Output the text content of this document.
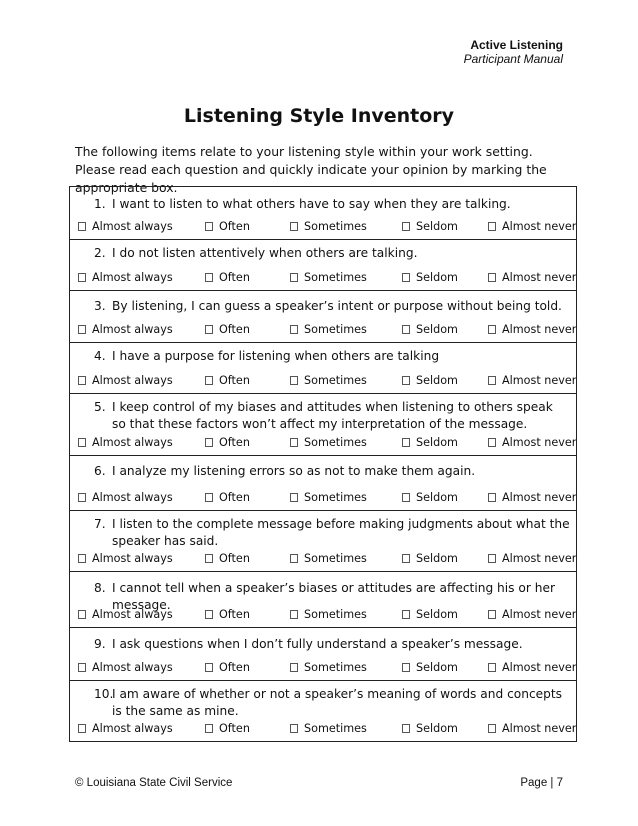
Active Listening
Participant Manual
Listening Style Inventory
The following items relate to your listening style within your work setting. Please read each question and quickly indicate your opinion by marking the appropriate box.
1. I want to listen to what others have to say when they are talking.
Almost always	Often	Sometimes	Seldom	Almost never
2. I do not listen attentively when others are talking.
Almost always	Often	Sometimes	Seldom	Almost never
3. By listening, I can guess a speaker’s intent or purpose without being told.
Almost always	Often	Sometimes	Seldom	Almost never
4. I have a purpose for listening when others are talking
Almost always	Often	Sometimes	Seldom	Almost never
5. I keep control of my biases and attitudes when listening to others speak so that these factors won’t affect my interpretation of the message.
Almost always	Often	Sometimes	Seldom	Almost never
6. I analyze my listening errors so as not to make them again.
Almost always	Often	Sometimes	Seldom	Almost never
7. I listen to the complete message before making judgments about what the speaker has said.
Almost always	Often	Sometimes	Seldom	Almost never
8. I cannot tell when a speaker’s biases or attitudes are affecting his or her message.
Almost always	Often	Sometimes	Seldom	Almost never
9. I ask questions when I don’t fully understand a speaker’s message.
Almost always	Often	Sometimes	Seldom	Almost never
10.
I am aware of whether or not a speaker’s meaning of words and concepts is the same as mine.
Almost always	Often	Sometimes	Seldom	Almost never
© Louisiana State Civil Service	Page | 7
